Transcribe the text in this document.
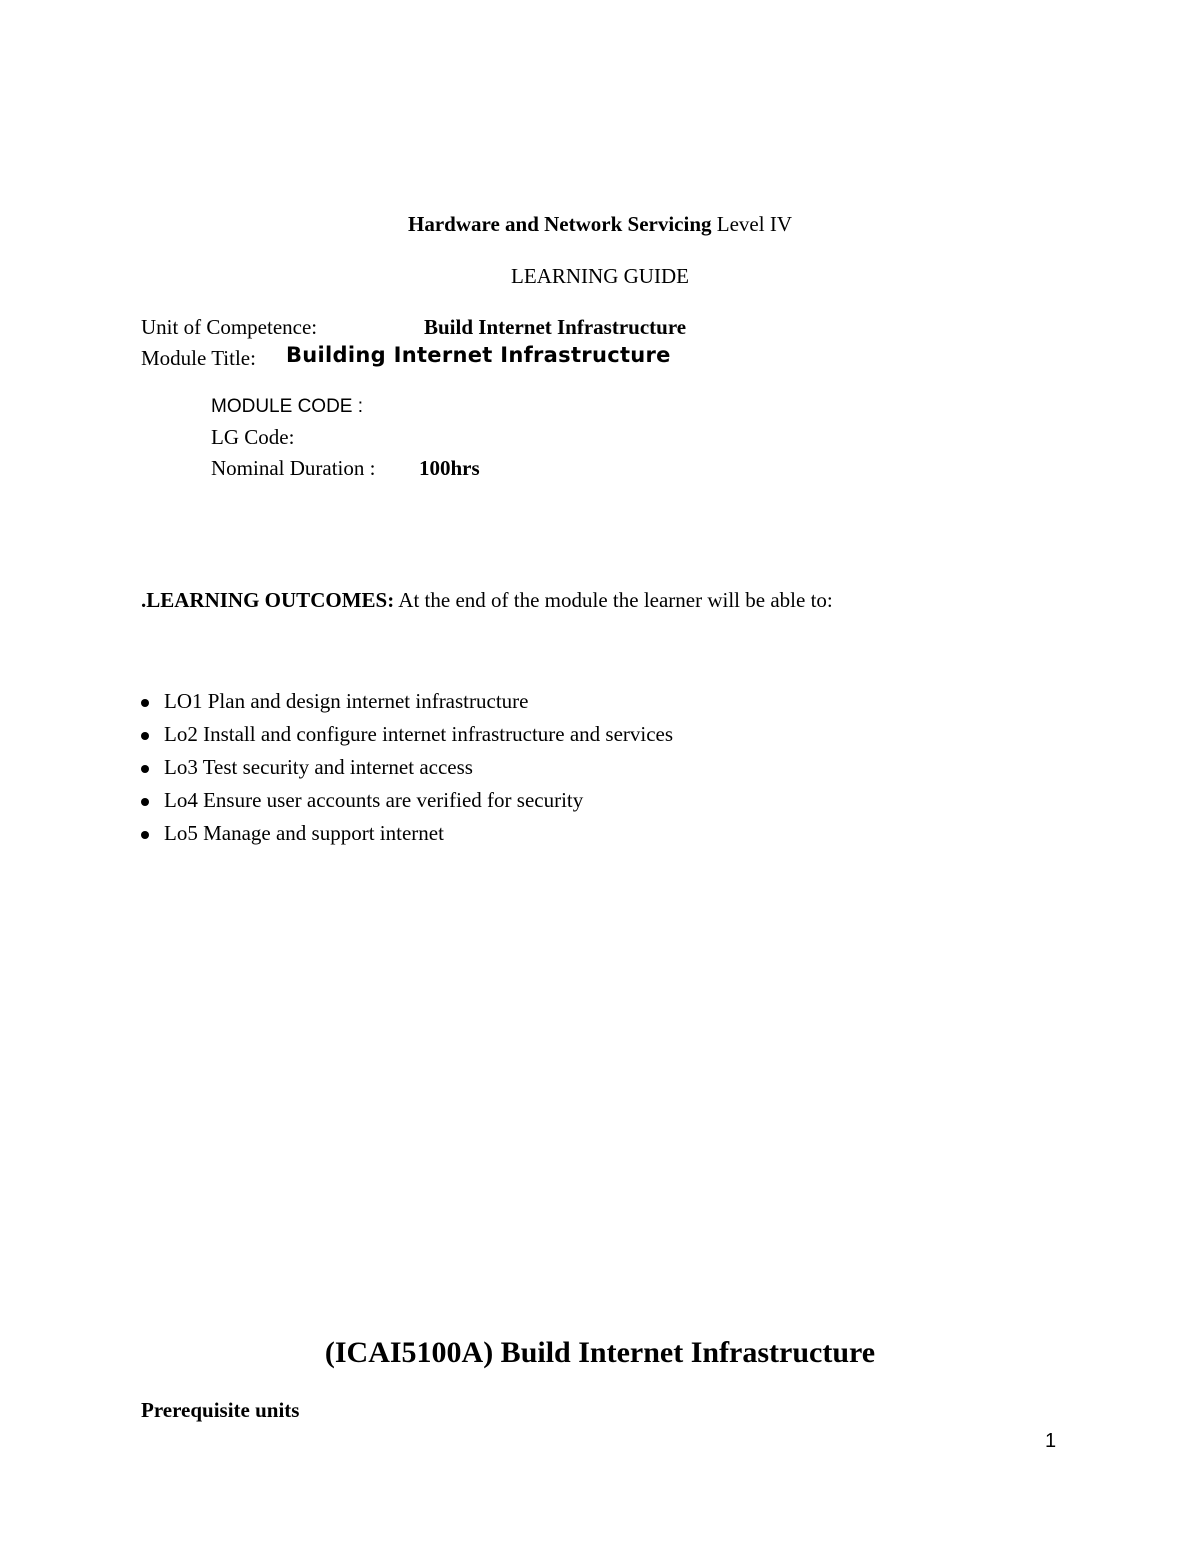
Hardware and Network Servicing Level IV
LEARNING GUIDE
Unit of Competence:	Build Internet Infrastructure
Module Title: Building Internet Infrastructure
MODULE CODE :
LG Code:
Nominal Duration : 100hrs
.LEARNING OUTCOMES: At the end of the module the learner will be able to:
LO1 Plan and design internet infrastructure
Lo2 Install and configure internet infrastructure and services
Lo3 Test security and internet access
Lo4 Ensure user accounts are verified for security
Lo5 Manage and support internet
(ICAI5100A) Build Internet Infrastructure
Prerequisite units
1
